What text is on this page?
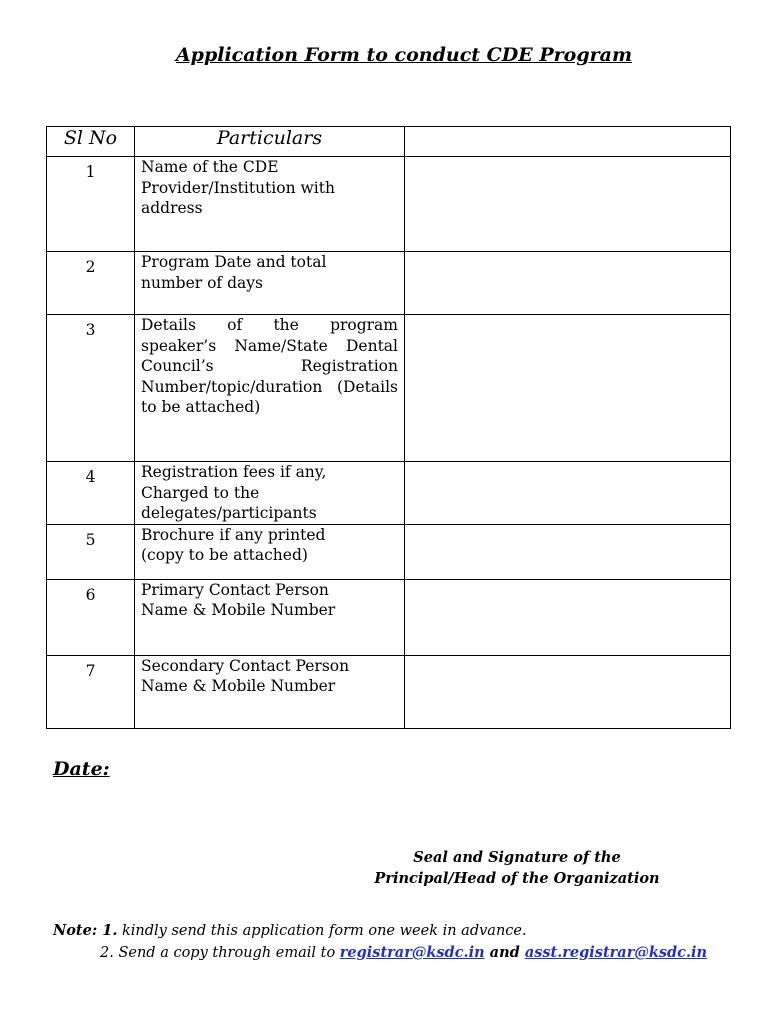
Application Form to conduct CDE Program
Sl No	Particulars	
1	Name of the CDE Provider/Institution with address	

2	Program Date and total number of days	

3	Details of the program speaker’s Name/State Dental Council’s Registration Number/topic/duration (Details to be attached)	

4	Registration fees if any, Charged to the delegates/participants	

5	Brochure if any printed (copy to be attached)	

6	Primary Contact Person Name & Mobile Number	

7	Secondary Contact Person Name & Mobile Number	

Date:
Seal and Signature of the
Principal/Head of the Organization
Note: 1. kindly send this application form one week in advance.
2. Send a copy through email to registrar@ksdc.in and asst.registrar@ksdc.in
